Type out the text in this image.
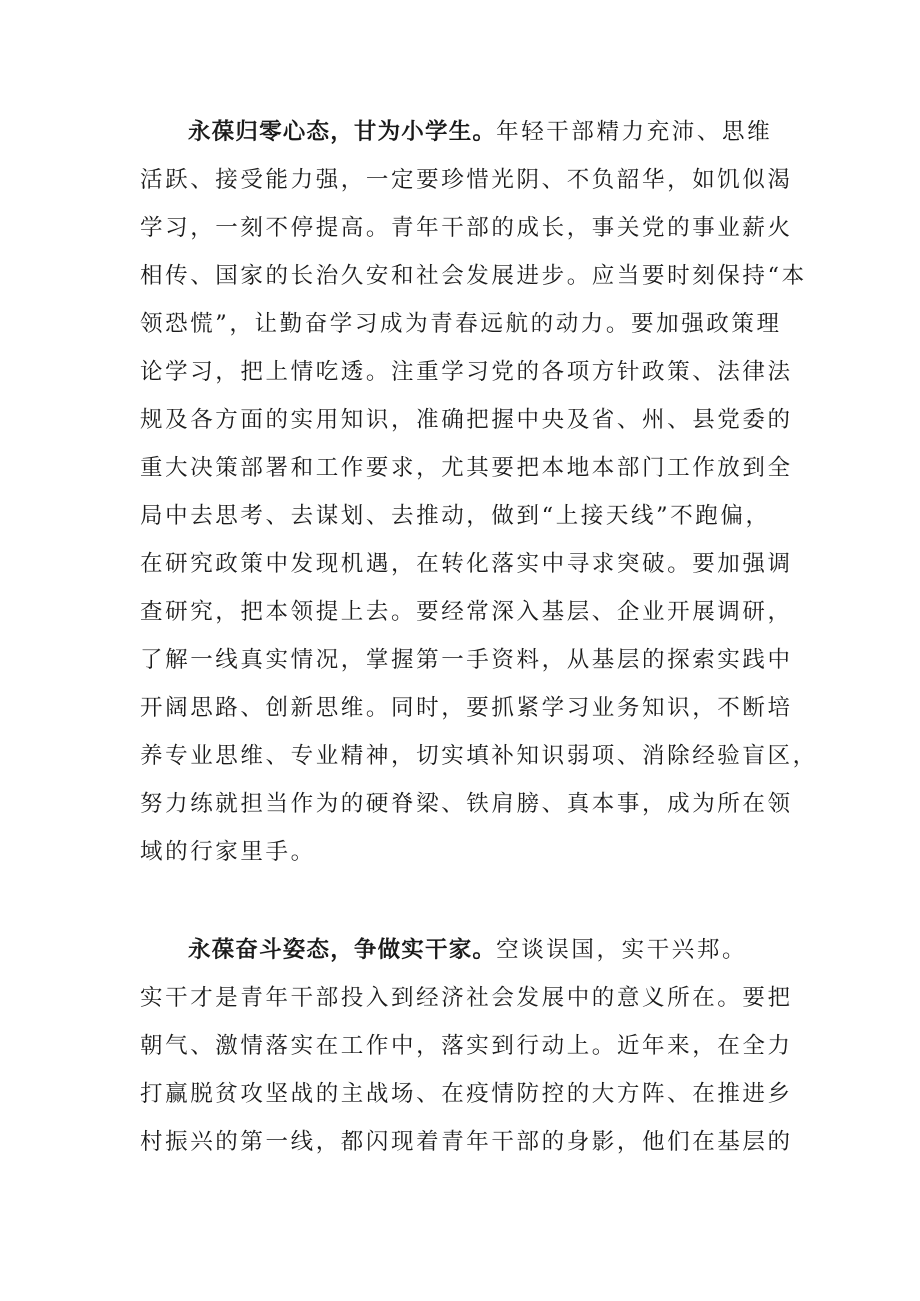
永葆归零心态，甘为小学生。年轻干部精力充沛、思维
活跃、接受能力强，一定要珍惜光阴、不负韶华，如饥似渴
学习，一刻不停提高。青年干部的成长，事关党的事业薪火
相传、国家的长治久安和社会发展进步。应当要时刻保持“本
领恐慌”，让勤奋学习成为青春远航的动力。要加强政策理
论学习，把上情吃透。注重学习党的各项方针政策、法律法
规及各方面的实用知识，准确把握中央及省、州、县党委的
重大决策部署和工作要求，尤其要把本地本部门工作放到全
局中去思考、去谋划、去推动，做到“上接天线”不跑偏，
在研究政策中发现机遇，在转化落实中寻求突破。要加强调
查研究，把本领提上去。要经常深入基层、企业开展调研，
了解一线真实情况，掌握第一手资料，从基层的探索实践中
开阔思路、创新思维。同时，要抓紧学习业务知识，不断培
养专业思维、专业精神，切实填补知识弱项、消除经验盲区，
努力练就担当作为的硬脊梁、铁肩膀、真本事，成为所在领
域的行家里手。
永葆奋斗姿态，争做实干家。空谈误国，实干兴邦。
实干才是青年干部投入到经济社会发展中的意义所在。要把
朝气、激情落实在工作中，落实到行动上。近年来，在全力
打赢脱贫攻坚战的主战场、在疫情防控的大方阵、在推进乡
村振兴的第一线，都闪现着青年干部的身影，他们在基层的
